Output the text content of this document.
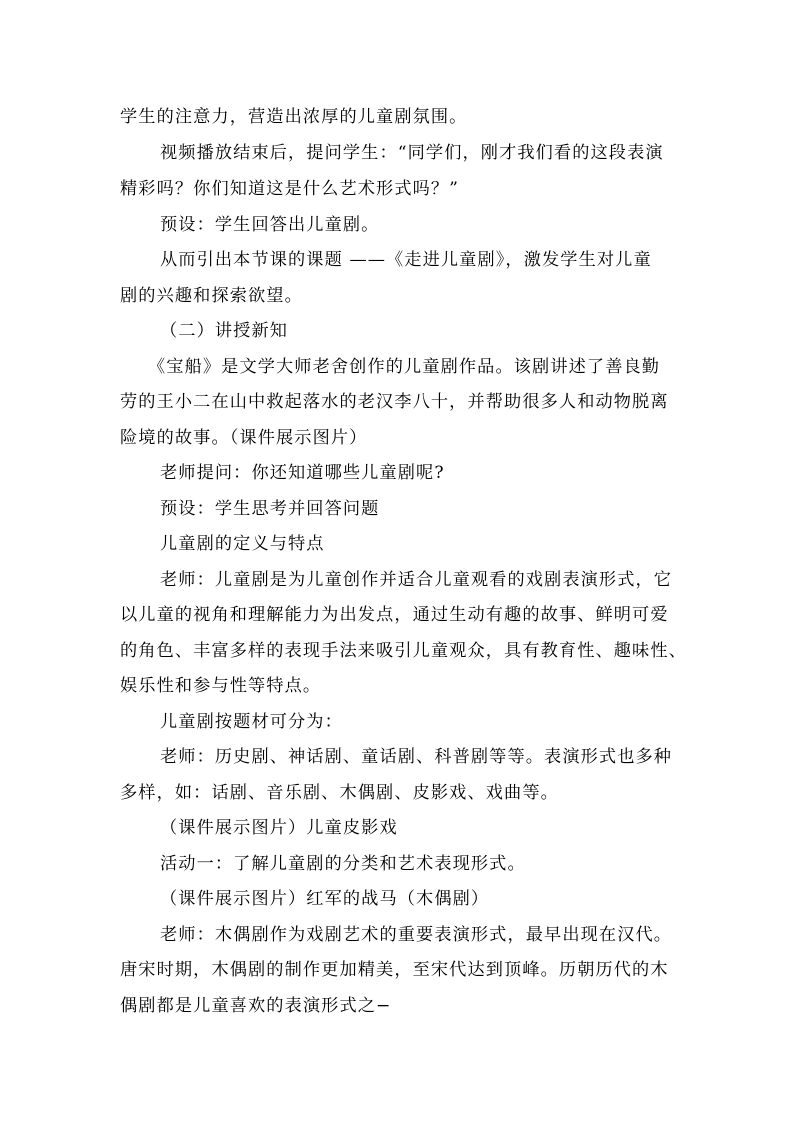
学生的注意力，营造出浓厚的儿童剧氛围。
视频播放结束后，提问学生：“同学们，刚才我们看的这段表演
精彩吗？你们知道这是什么艺术形式吗？”
预设：学生回答出儿童剧。
从而引出本节课的课题 ——《走进儿童剧》，激发学生对儿童
剧的兴趣和探索欲望。
（二）讲授新知
《宝船》是文学大师老舍创作的儿童剧作品。该剧讲述了善良勤
劳的王小二在山中救起落水的老汉李八十，并帮助很多人和动物脱离
险境的故事。（课件展示图片）
老师提问：你还知道哪些儿童剧呢?
预设：学生思考并回答问题
儿童剧的定义与特点
老师：儿童剧是为儿童创作并适合儿童观看的戏剧表演形式，它
以儿童的视角和理解能力为出发点，通过生动有趣的故事、鲜明可爱
的角色、丰富多样的表现手法来吸引儿童观众，具有教育性、趣味性、
娱乐性和参与性等特点。
儿童剧按题材可分为：
老师：历史剧、神话剧、童话剧、科普剧等等。表演形式也多种
多样，如：话剧、音乐剧、木偶剧、皮影戏、戏曲等。
（课件展示图片）儿童皮影戏
活动一：了解儿童剧的分类和艺术表现形式。
（课件展示图片）红军的战马（木偶剧）
老师：木偶剧作为戏剧艺术的重要表演形式，最早出现在汉代。
唐宋时期，木偶剧的制作更加精美，至宋代达到顶峰。历朝历代的木
偶剧都是儿童喜欢的表演形式之−
